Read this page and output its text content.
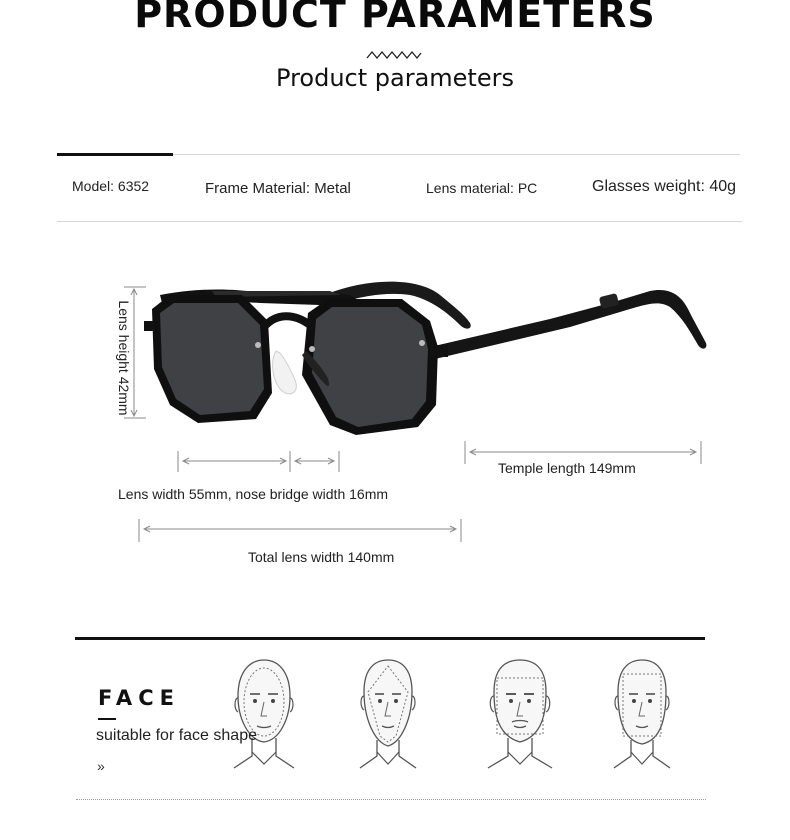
PRODUCT PARAMETERS
Product parameters
Model: 6352	Frame Material: Metal	Lens material: PC	Glasses weight: 40g
Lens height 42mm
Lens width 55mm, nose bridge width 16mm
Temple length 149mm
Total lens width 140mm
FACE
suitable for face shape
»
